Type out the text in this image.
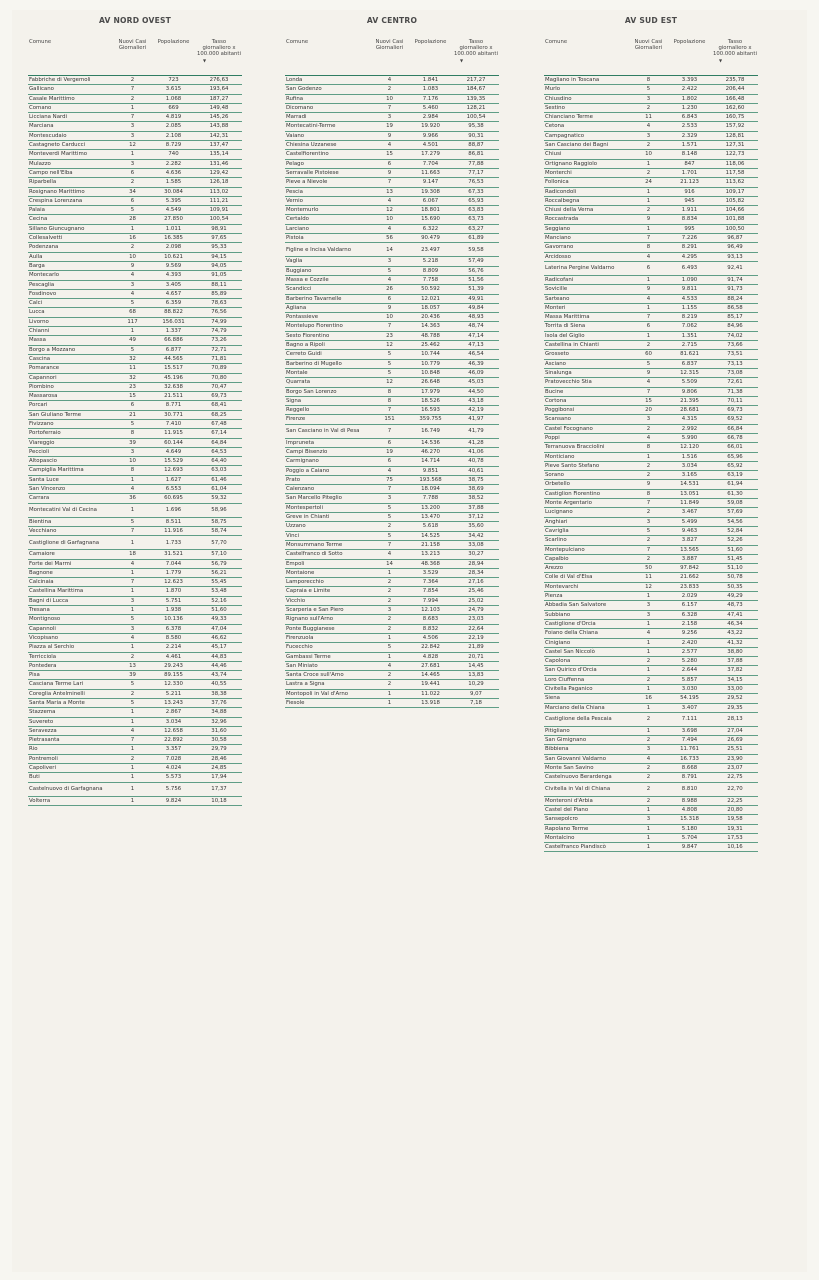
AV NORD OVEST
Comune	Nuovi Casi Giornalieri	Popolazione	Tasso giornaliero x 100.000 abitanti
▼

Fabbriche di Vergemoli	2	723	276,63
Gallicano	7	3.615	193,64
Casale Marittimo	2	1.068	187,27
Comano	1	669	149,48
Licciana Nardi	7	4.819	145,26
Marciana	3	2.085	143,88
Montescudaio	3	2.108	142,31
Castagneto Carducci	12	8.729	137,47
Monteverdi Marittimo	1	740	135,14
Mulazzo	3	2.282	131,46
Campo nell'Elba	6	4.636	129,42
Riparbella	2	1.585	126,18
Rosignano Marittimo	34	30.084	113,02
Crespina Lorenzana	6	5.395	111,21
Palaia	5	4.549	109,91
Cecina	28	27.850	100,54
Sillano Giuncugnano	1	1.011	98,91
Collesalvetti	16	16.385	97,65
Podenzana	2	2.098	95,33
Aulla	10	10.621	94,15
Barga	9	9.569	94,05
Montecarlo	4	4.393	91,05
Pescaglia	3	3.405	88,11
Fosdinovo	4	4.657	85,89
Calci	5	6.359	78,63
Lucca	68	88.822	76,56
Livorno	117	156.031	74,99
Chianni	1	1.337	74,79
Massa	49	66.886	73,26
Borgo a Mozzano	5	6.877	72,71
Cascina	32	44.565	71,81
Pomarance	11	15.517	70,89
Capannori	32	45.196	70,80
Piombino	23	32.638	70,47
Massarosa	15	21.511	69,73
Porcari	6	8.771	68,41
San Giuliano Terme	21	30.771	68,25
Fivizzano	5	7.410	67,48
Portoferraio	8	11.915	67,14
Viareggio	39	60.144	64,84
Peccioli	3	4.649	64,53
Altopascio	10	15.529	64,40
Campiglia Marittima	8	12.693	63,03
Santa Luce	1	1.627	61,46
San Vincenzo	4	6.553	61,04
Carrara	36	60.695	59,32
Montecatini Val di Cecina	1	1.696	58,96
Bientina	5	8.511	58,75
Vecchiano	7	11.916	58,74
Castiglione di Garfagnana	1	1.733	57,70
Camaiore	18	31.521	57,10
Forte dei Marmi	4	7.044	56,79
Bagnone	1	1.779	56,21
Calcinaia	7	12.623	55,45
Castellina Marittima	1	1.870	53,48
Bagni di Lucca	3	5.751	52,16
Tresana	1	1.938	51,60
Montignoso	5	10.136	49,33
Capannoli	3	6.378	47,04
Vicopisano	4	8.580	46,62
Piazza al Serchio	1	2.214	45,17
Terricciola	2	4.461	44,83
Pontedera	13	29.243	44,46
Pisa	39	89.155	43,74
Casciana Terme Lari	5	12.330	40,55
Coreglia Antelminelli	2	5.211	38,38
Santa Maria a Monte	5	13.243	37,76
Stazzema	1	2.867	34,88
Suvereto	1	3.034	32,96
Seravezza	4	12.658	31,60
Pietrasanta	7	22.892	30,58
Rio	1	3.357	29,79
Pontremoli	2	7.028	28,46
Capoliveri	1	4.024	24,85
Buti	1	5.573	17,94
Castelnuovo di Garfagnana	1	5.756	17,37
Volterra	1	9.824	10,18
AV CENTRO
Comune	Nuovi Casi Giornalieri	Popolazione	Tasso giornaliero x 100.000 abitanti
▼

Londa	4	1.841	217,27
San Godenzo	2	1.083	184,67
Rufina	10	7.176	139,35
Dicomano	7	5.460	128,21
Marradi	3	2.984	100,54
Montecatini-Terme	19	19.920	95,38
Vaiano	9	9.966	90,31
Chiesina Uzzanese	4	4.501	88,87
Castelfiorentino	15	17.279	86,81
Pelago	6	7.704	77,88
Serravalle Pistoiese	9	11.663	77,17
Pieve a Nievole	7	9.147	76,53
Pescia	13	19.308	67,33
Vernio	4	6.067	65,93
Montemurlo	12	18.801	63,83
Certaldo	10	15.690	63,73
Larciano	4	6.322	63,27
Pistoia	56	90.479	61,89
Figline e Incisa Valdarno	14	23.497	59,58
Vaglia	3	5.218	57,49
Buggiano	5	8.809	56,76
Massa e Cozzile	4	7.758	51,56
Scandicci	26	50.592	51,39
Barberino Tavarnelle	6	12.021	49,91
Agliana	9	18.057	49,84
Pontassieve	10	20.436	48,93
Montelupo Fiorentino	7	14.363	48,74
Sesto Fiorentino	23	48.788	47,14
Bagno a Ripoli	12	25.462	47,13
Cerreto Guidi	5	10.744	46,54
Barberino di Mugello	5	10.779	46,39
Montale	5	10.848	46,09
Quarrata	12	26.648	45,03
Borgo San Lorenzo	8	17.979	44,50
Signa	8	18.526	43,18
Reggello	7	16.593	42,19
Firenze	151	359.755	41,97
San Casciano in Val di Pesa	7	16.749	41,79
Impruneta	6	14.536	41,28
Campi Bisenzio	19	46.270	41,06
Carmignano	6	14.714	40,78
Poggio a Caiano	4	9.851	40,61
Prato	75	193.568	38,75
Calenzano	7	18.094	38,69
San Marcello Piteglio	3	7.788	38,52
Montespertoli	5	13.200	37,88
Greve in Chianti	5	13.470	37,12
Uzzano	2	5.618	35,60
Vinci	5	14.525	34,42
Monsummano Terme	7	21.158	33,08
Castelfranco di Sotto	4	13.213	30,27
Empoli	14	48.368	28,94
Montaione	1	3.529	28,34
Lamporecchio	2	7.364	27,16
Capraia e Limite	2	7.854	25,46
Vicchio	2	7.994	25,02
Scarperia e San Piero	3	12.103	24,79
Rignano sull'Arno	2	8.683	23,03
Ponte Buggianese	2	8.832	22,64
Firenzuola	1	4.506	22,19
Fucecchio	5	22.842	21,89
Gambassi Terme	1	4.828	20,71
San Miniato	4	27.681	14,45
Santa Croce sull'Arno	2	14.465	13,83
Lastra a Signa	2	19.441	10,29
Montopoli in Val d'Arno	1	11.022	9,07
Fiesole	1	13.918	7,18
AV SUD EST
Comune	Nuovi Casi Giornalieri	Popolazione	Tasso giornaliero x 100.000 abitanti
▼

Magliano in Toscana	8	3.393	235,78
Murlo	5	2.422	206,44
Chiusdino	3	1.802	166,48
Sestino	2	1.230	162,60
Chianciano Terme	11	6.843	160,75
Cetona	4	2.533	157,92
Campagnatico	3	2.329	128,81
San Casciano dei Bagni	2	1.571	127,31
Chiusi	10	8.148	122,73
Ortignano Raggiolo	1	847	118,06
Monterchi	2	1.701	117,58
Follonica	24	21.123	113,62
Radicondoli	1	916	109,17
Roccalbegna	1	945	105,82
Chiusi della Verna	2	1.911	104,66
Roccastrada	9	8.834	101,88
Seggiano	1	995	100,50
Manciano	7	7.226	96,87
Gavorrano	8	8.291	96,49
Arcidosso	4	4.295	93,13
Laterina Pergine Valdarno	6	6.493	92,41
Radicofani	1	1.090	91,74
Sovicille	9	9.811	91,73
Sarteano	4	4.533	88,24
Monteri	1	1.155	86,58
Massa Marittima	7	8.219	85,17
Torrita di Siena	6	7.062	84,96
Isola del Giglio	1	1.351	74,02
Castellina in Chianti	2	2.715	73,66
Grosseto	60	81.621	73,51
Asciano	5	6.837	73,13
Sinalunga	9	12.315	73,08
Pratovecchio Stia	4	5.509	72,61
Bucine	7	9.806	71,38
Cortona	15	21.395	70,11
Poggibonsi	20	28.681	69,73
Scansano	3	4.315	69,52
Castel Focognano	2	2.992	66,84
Poppi	4	5.990	66,78
Terranuova Bracciolini	8	12.120	66,01
Monticiano	1	1.516	65,96
Pieve Santo Stefano	2	3.034	65,92
Sorano	2	3.165	63,19
Orbetello	9	14.531	61,94
Castiglion Fiorentino	8	13.051	61,30
Monte Argentario	7	11.849	59,08
Lucignano	2	3.467	57,69
Anghiari	3	5.499	54,56
Cavriglia	5	9.463	52,84
Scarlino	2	3.827	52,26
Montepulciano	7	13.565	51,60
Capalbio	2	3.887	51,45
Arezzo	50	97.842	51,10
Colle di Val d'Elsa	11	21.662	50,78
Montevarchi	12	23.833	50,35
Pienza	1	2.029	49,29
Abbadia San Salvatore	3	6.157	48,73
Subbiano	3	6.328	47,41
Castiglione d'Orcia	1	2.158	46,34
Foiano della Chiana	4	9.256	43,22
Cinigiano	1	2.420	41,32
Castel San Niccolò	1	2.577	38,80
Capolona	2	5.280	37,88
San Quirico d'Orcia	1	2.644	37,82
Loro Ciuffenna	2	5.857	34,15
Civitella Paganico	1	3.030	33,00
Siena	16	54.195	29,52
Marciano della Chiana	1	3.407	29,35
Castiglione della Pescaia	2	7.111	28,13
Pitigliano	1	3.698	27,04
San Gimignano	2	7.494	26,69
Bibbiena	3	11.761	25,51
San Giovanni Valdarno	4	16.733	23,90
Monte San Savino	2	8.668	23,07
Castelnuovo Berardenga	2	8.791	22,75
Civitella in Val di Chiana	2	8.810	22,70
Monteroni d'Arbia	2	8.988	22,25
Castel del Piano	1	4.808	20,80
Sansepolcro	3	15.318	19,58
Rapolano Terme	1	5.180	19,31
Montalcino	1	5.704	17,53
Castelfranco Piandiscò	1	9.847	10,16
